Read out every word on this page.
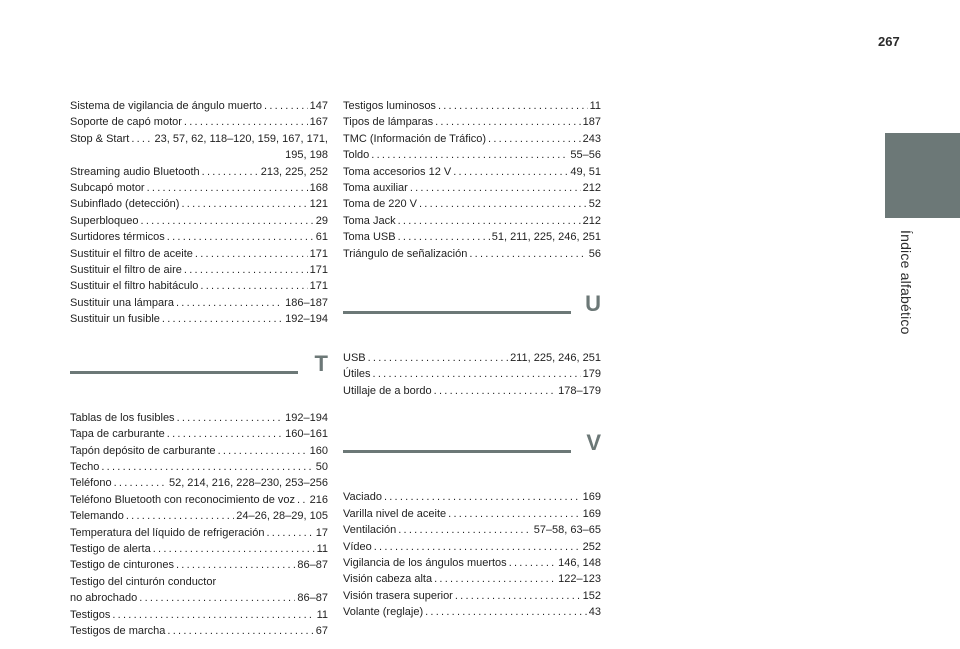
267
Índice alfabético
Sistema de vigilancia de ángulo muerto . . .	147
Soporte de capó motor . . .	167
Stop & Start . . . 23, 57, 62, 118–120, 159, 167, 171,
195, 198
Streaming audio Bluetooth . . .	213, 225, 252
Subcapó motor . . .	168
Subinflado (detección) . . .	121
Superbloqueo . . .	29
Surtidores térmicos . . .	61
Sustituir el filtro de aceite . . .	171
Sustituir el filtro de aire . . .	171
Sustituir el filtro habitáculo . . .	171
Sustituir una lámpara . . .	186–187
Sustituir un fusible . . .	192–194
T
Tablas de los fusibles . . .	192–194
Tapa de carburante . . .	160–161
Tapón depósito de carburante . . .	160
Techo . . .	50
Teléfono . . .	52, 214, 216, 228–230, 253–256
Teléfono Bluetooth con reconocimiento de voz . . . 216
Telemando . . .	24–26, 28–29, 105
Temperatura del líquido de refrigeración . . .	17
Testigo de alerta . . .	11
Testigo de cinturones . . .	86–87
Testigo del cinturón conductor
no abrochado . . .	86–87
Testigos . . .	11
Testigos de marcha . . .	67
Testigos luminosos . . .	11
Tipos de lámparas . . .	187
TMC (Información de Tráfico) . . .	243
Toldo . . .	55–56
Toma accesorios 12 V . . .	49, 51
Toma auxiliar . . .	212
Toma de 220 V . . .	52
Toma Jack . . .	212
Toma USB . . .	51, 211, 225, 246, 251
Triángulo de señalización . . .	56
U
USB . . .	211, 225, 246, 251
Útiles . . .	179
Utillaje de a bordo . . .	178–179
V
Vaciado . . .	169
Varilla nivel de aceite . . .	169
Ventilación . . .	57–58, 63–65
Vídeo . . .	252
Vigilancia de los ángulos muertos . . .	146, 148
Visión cabeza alta . . .	122–123
Visión trasera superior . . .	152
Volante (reglaje) . . .	43
